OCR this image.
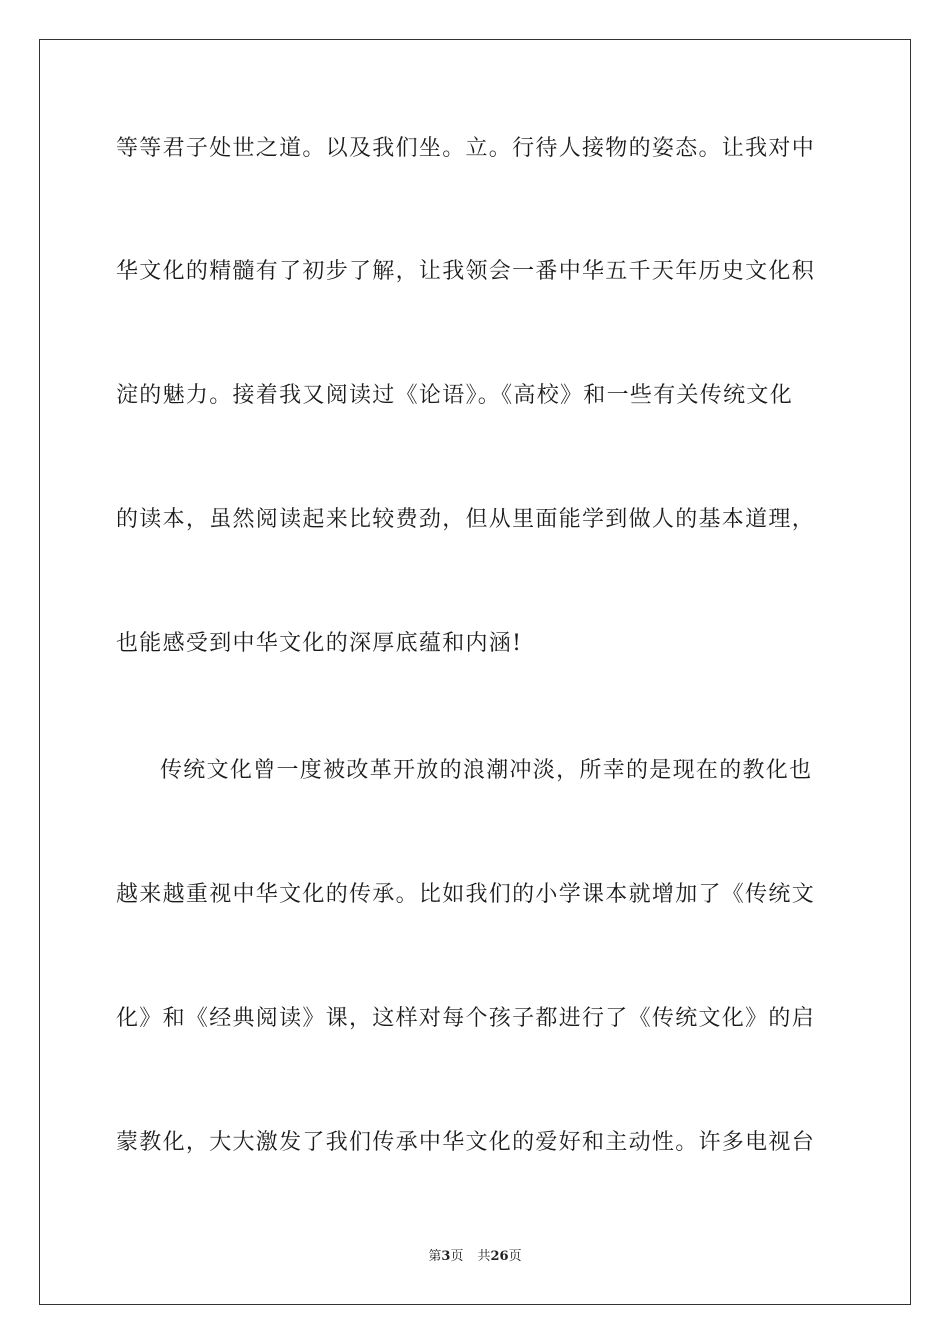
等等君子处世之道。以及我们坐。立。行待人接物的姿态。让我对中
华文化的精髓有了初步了解，让我领会一番中华五千天年历史文化积
淀的魅力。接着我又阅读过《论语》。《高校》和一些有关传统文化
的读本，虽然阅读起来比较费劲，但从里面能学到做人的基本道理，
也能感受到中华文化的深厚底蕴和内涵!
传统文化曾一度被改革开放的浪潮冲淡，所幸的是现在的教化也
越来越重视中华文化的传承。比如我们的小学课本就增加了《传统文
化》和《经典阅读》课，这样对每个孩子都进行了《传统文化》的启
蒙教化，大大激发了我们传承中华文化的爱好和主动性。许多电视台
第3页 共26页
